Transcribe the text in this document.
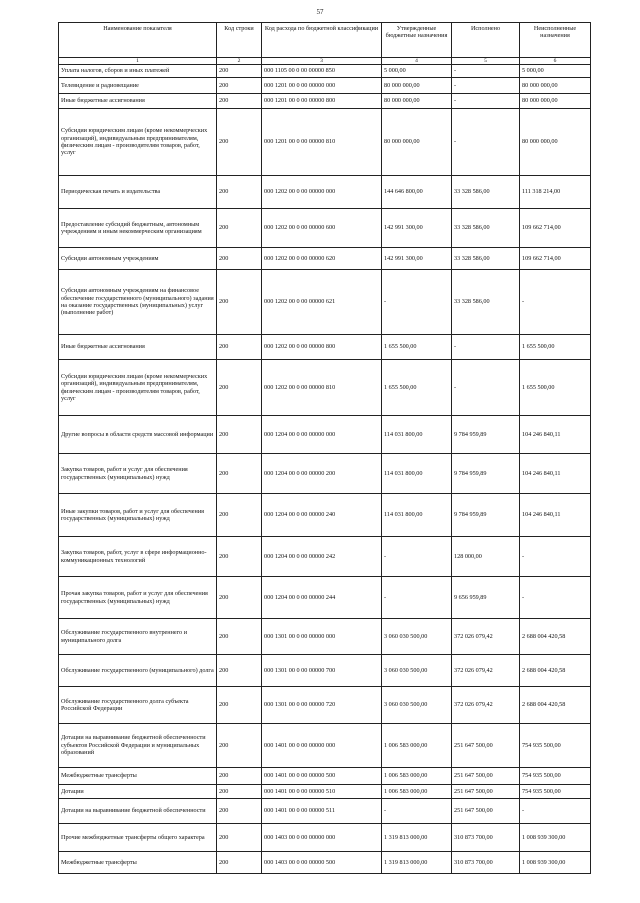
57
Наименование показателя	Код строки	Код расхода по бюджетной классификации	Утвержденные бюджетные назначения	Исполнено	Неисполненные назначения
1	2	3	4	5	6
Уплата налогов, сборов и иных платежей	200	000 1105 00 0 00 00000 850	5 000,00	-	5 000,00
Телевидение и радиовещание	200	000 1201 00 0 00 00000 000	80 000 000,00	-	80 000 000,00
Иные бюджетные ассигнования	200	000 1201 00 0 00 00000 800	80 000 000,00	-	80 000 000,00
Субсидии юридическим лицам (кроме некоммерческих организаций), индивидуальным предпринимателям, физическим лицам - производителям товаров, работ, услуг	200	000 1201 00 0 00 00000 810	80 000 000,00	-	80 000 000,00
Периодическая печать и издательства	200	000 1202 00 0 00 00000 000	144 646 800,00	33 328 586,00	111 318 214,00
Предоставление субсидий бюджетным, автономным учреждениям и иным некоммерческим организациям	200	000 1202 00 0 00 00000 600	142 991 300,00	33 328 586,00	109 662 714,00
Субсидии автономным учреждениям	200	000 1202 00 0 00 00000 620	142 991 300,00	33 328 586,00	109 662 714,00
Субсидии автономным учреждениям на финансовое обеспечение государственного (муниципального) задания на оказание государственных (муниципальных) услуг (выполнение работ)	200	000 1202 00 0 00 00000 621	-	33 328 586,00	-
Иные бюджетные ассигнования	200	000 1202 00 0 00 00000 800	1 655 500,00	-	1 655 500,00
Субсидии юридическим лицам (кроме некоммерческих организаций), индивидуальным предпринимателям, физическим лицам - производителям товаров, работ, услуг	200	000 1202 00 0 00 00000 810	1 655 500,00	-	1 655 500,00
Другие вопросы в области средств массовой информации	200	000 1204 00 0 00 00000 000	114 031 800,00	9 784 959,89	104 246 840,11
Закупка товаров, работ и услуг для обеспечения государственных (муниципальных) нужд	200	000 1204 00 0 00 00000 200	114 031 800,00	9 784 959,89	104 246 840,11
Иные закупки товаров, работ и услуг для обеспечения государственных (муниципальных) нужд	200	000 1204 00 0 00 00000 240	114 031 800,00	9 784 959,89	104 246 840,11
Закупка товаров, работ, услуг в сфере информационно-коммуникационных технологий	200	000 1204 00 0 00 00000 242	-	128 000,00	-
Прочая закупка товаров, работ и услуг для обеспечения государственных (муниципальных) нужд	200	000 1204 00 0 00 00000 244	-	9 656 959,89	-
Обслуживание государственного внутреннего и муниципального долга	200	000 1301 00 0 00 00000 000	3 060 030 500,00	372 026 079,42	2 688 004 420,58
Обслуживание государственного (муниципального) долга	200	000 1301 00 0 00 00000 700	3 060 030 500,00	372 026 079,42	2 688 004 420,58
Обслуживание государственного долга субъекта Российской Федерации	200	000 1301 00 0 00 00000 720	3 060 030 500,00	372 026 079,42	2 688 004 420,58
Дотации на выравнивание бюджетной обеспеченности субъектов Российской Федерации и муниципальных образований	200	000 1401 00 0 00 00000 000	1 006 583 000,00	251 647 500,00	754 935 500,00
Межбюджетные трансферты	200	000 1401 00 0 00 00000 500	1 006 583 000,00	251 647 500,00	754 935 500,00
Дотации	200	000 1401 00 0 00 00000 510	1 006 583 000,00	251 647 500,00	754 935 500,00
Дотации на выравнивание бюджетной обеспеченности	200	000 1401 00 0 00 00000 511	-	251 647 500,00	-
Прочие межбюджетные трансферты общего характера	200	000 1403 00 0 00 00000 000	1 319 813 000,00	310 873 700,00	1 008 939 300,00
Межбюджетные трансферты	200	000 1403 00 0 00 00000 500	1 319 813 000,00	310 873 700,00	1 008 939 300,00
